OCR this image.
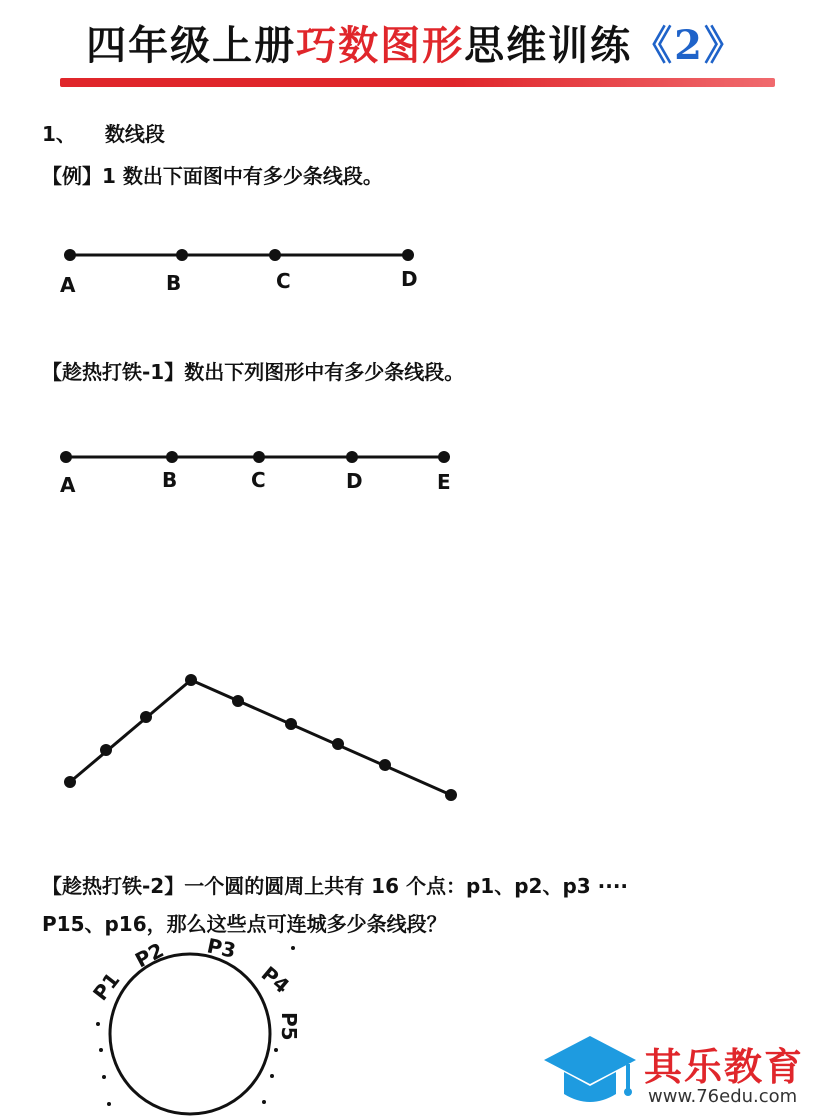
四年级上册巧数图形思维训练《2》
1、 数线段
【例】1 数出下面图中有多少条线段。
A	B	C	D
【趁热打铁-1】数出下列图形中有多少条线段。
A	B	C	D	E
【趁热打铁-2】一个圆的圆周上共有 16 个点：p1、p2、p3 ····
P15、p16，那么这些点可连城多少条线段？
P1
P2 P3
P4
P5
其乐教育
www.76edu.com
